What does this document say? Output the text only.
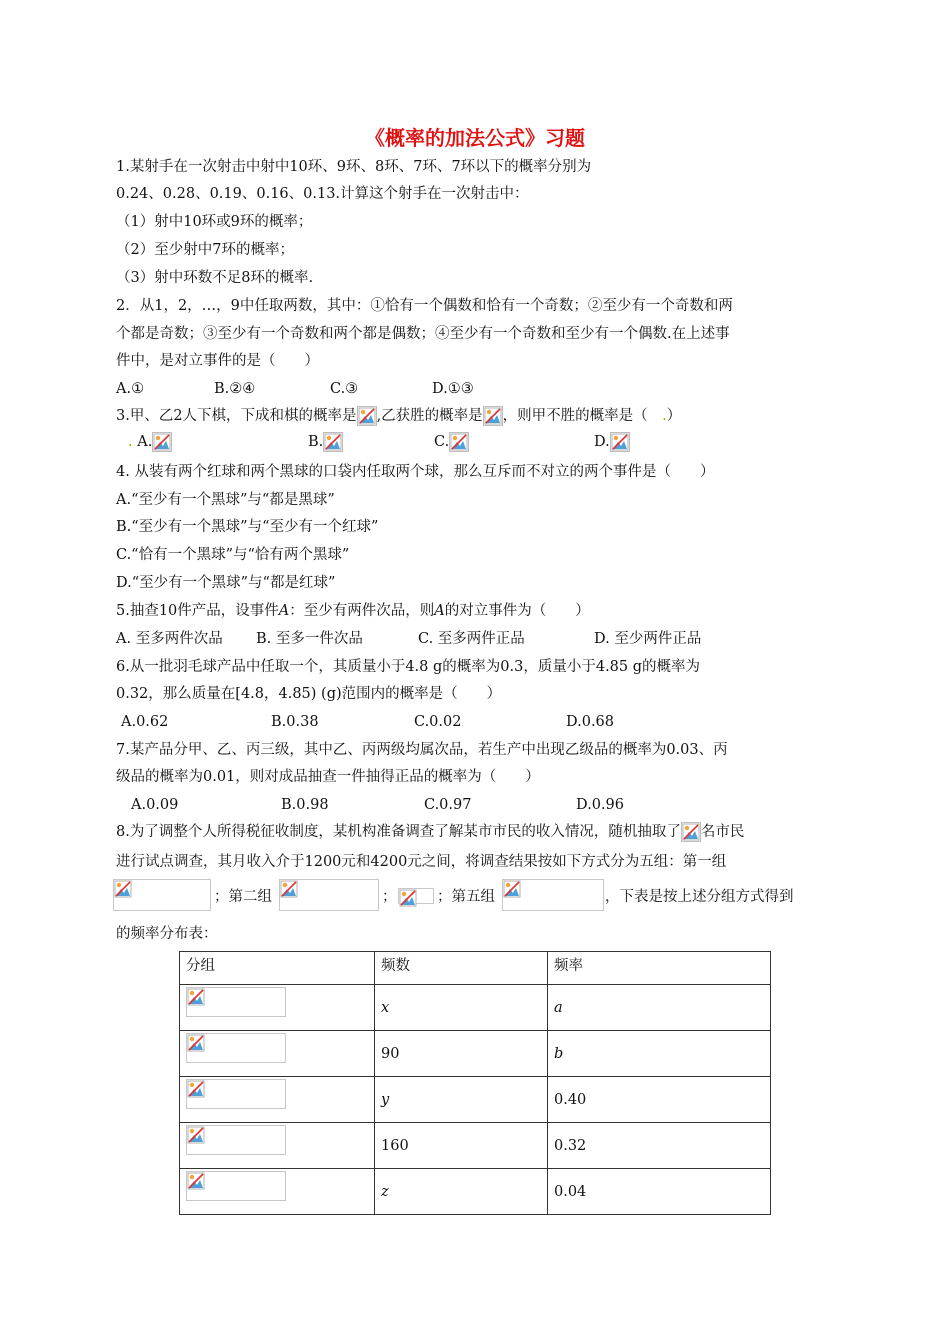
《概率的加法公式》习题
1.某射手在一次射击中射中10环、9环、8环、7环、7环以下的概率分别为
0.24、0.28、0.19、0.16、0.13.计算这个射手在一次射击中：
（1）射中10环或9环的概率；
（2）至少射中7环的概率；
（3）射中环数不足8环的概率.
2．从1，2，…，9中任取两数，其中：①恰有一个偶数和恰有一个奇数；②至少有一个奇数和两
个都是奇数；③至少有一个奇数和两个都是偶数；④至少有一个奇数和至少有一个偶数.在上述事
件中，是对立事件的是（　　）
A.①	B.②④	C.③	D.①③
3.甲、乙2人下棋，下成和棋的概率是 ,乙获胜的概率是 ，则甲不胜的概率是（　.）
. A.	B.	C.	D.
4. 从装有两个红球和两个黑球的口袋内任取两个球，那么互斥而不对立的两个事件是（　　）
A.“至少有一个黑球”与“都是黑球”
B.“至少有一个黑球”与“至少有一个红球”
C.“恰有一个黑球”与“恰有两个黑球”
D.“至少有一个黑球”与“都是红球”
5.抽查10件产品，设事件A：至少有两件次品，则A的对立事件为（　　）
A. 至多两件次品 B. 至多一件次品	C. 至多两件正品	D. 至少两件正品
6.从一批羽毛球产品中任取一个，其质量小于4.8 g的概率为0.3，质量小于4.85 g的概率为
0.32，那么质量在[4.8，4.85) (g)范围内的概率是（　　）
A.0.62	B.0.38	C.0.02	D.0.68
7.某产品分甲、乙、丙三级，其中乙、丙两级均属次品，若生产中出现乙级品的概率为0.03、丙
级品的概率为0.01，则对成品抽查一件抽得正品的概率为（　　）
A.0.09	B.0.98	C.0.97	D.0.96
8.为了调整个人所得税征收制度，某机构准备调查了解某市市民的收入情况，随机抽取了 名市民
进行试点调查，其月收入介于1200元和4200元之间，将调查结果按如下方式分为五组：第一组
；第二组	；	；第五组	，下表是按上述分组方式得到
的频率分布表：
分组	频数	频率

	x	a

	90	b

	y	0.40

	160	0.32

	z	0.04
